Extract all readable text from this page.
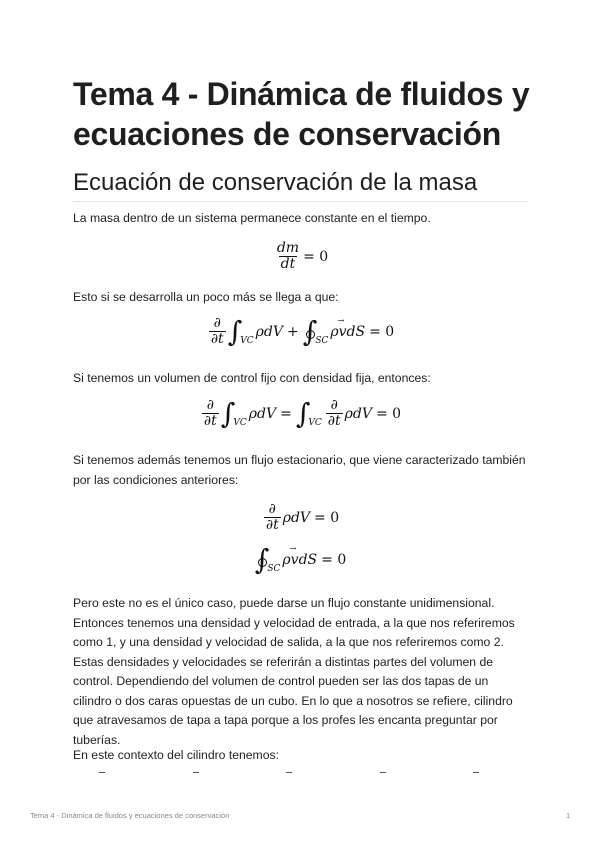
Tema 4 - Dinámica de fluidos y ecuaciones de conservación
Ecuación de conservación de la masa

La masa dentro de un sistema permanece constante en el tiempo.

$\frac{dm}{dt} = 0$

Esto si se desarrolla un poco más se llega a que:

$\frac{\partial}{\partial t}$ ∫
VC
ρdV + ∫
SC
ρ v → dS = 0

Si tenemos un volumen de control fijo con densidad fija, entonces:

$\frac{\partial}{\partial t}$ ∫
VC
ρdV = ∫
VC $\frac{\partial}{\partial t}$ ρdV = 0

Si tenemos además tenemos un flujo estacionario, que viene caracterizado también por las condiciones anteriores:

$\frac{\partial}{\partial t}$ ρdV = 0
∫
SC
ρ v → dS = 0

Pero este no es el único caso, puede darse un flujo constante unidimensional. Entonces tenemos una densidad y velocidad de entrada, a la que nos referiremos como 1, y una densidad y velocidad de salida, a la que nos referiremos como 2. Estas densidades y velocidades se referirán a distintas partes del volumen de control. Dependiendo del volumen de control pueden ser las dos tapas de un cilindro o dos caras opuestas de un cubo. En lo que a nosotros se refiere, cilindro que atravesamos de tapa a tapa porque a los profes les encanta preguntar por tuberías.

En este contexto del cilindro tenemos:

Tema 4 - Dinámica de fluidos y ecuaciones de conservación	1
